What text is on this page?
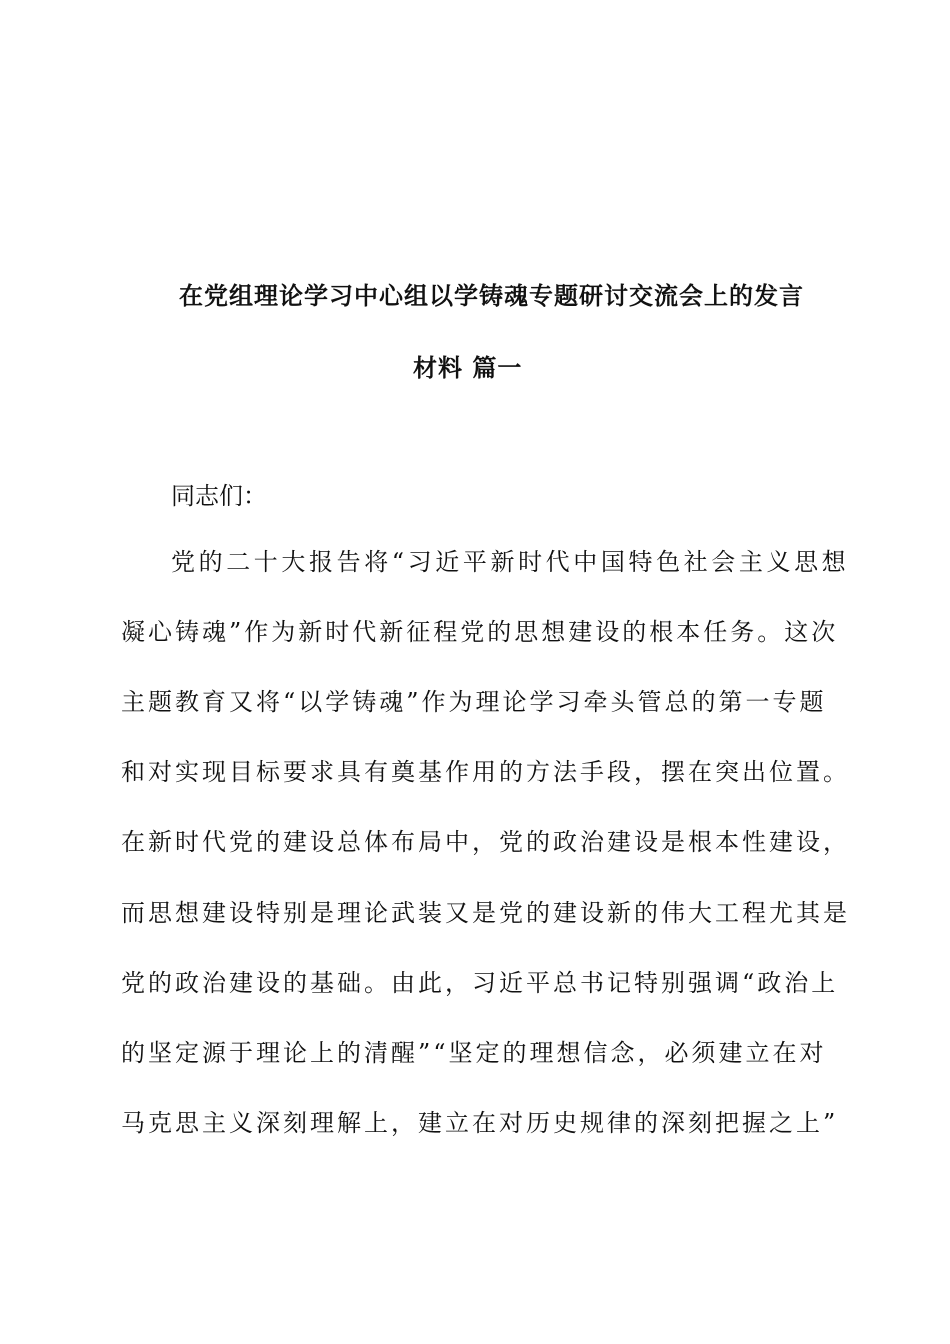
在党组理论学习中心组以学铸魂专题研讨交流会上的发言
材料 篇一
同志们：
党的二十大报告将“习近平新时代中国特色社会主义思想
凝心铸魂”作为新时代新征程党的思想建设的根本任务。这次
主题教育又将“以学铸魂”作为理论学习牵头管总的第一专题
和对实现目标要求具有奠基作用的方法手段，摆在突出位置。
在新时代党的建设总体布局中，党的政治建设是根本性建设，
而思想建设特别是理论武装又是党的建设新的伟大工程尤其是
党的政治建设的基础。由此，习近平总书记特别强调“政治上
的坚定源于理论上的清醒”“坚定的理想信念，必须建立在对
马克思主义深刻理解上，建立在对历史规律的深刻把握之上”
